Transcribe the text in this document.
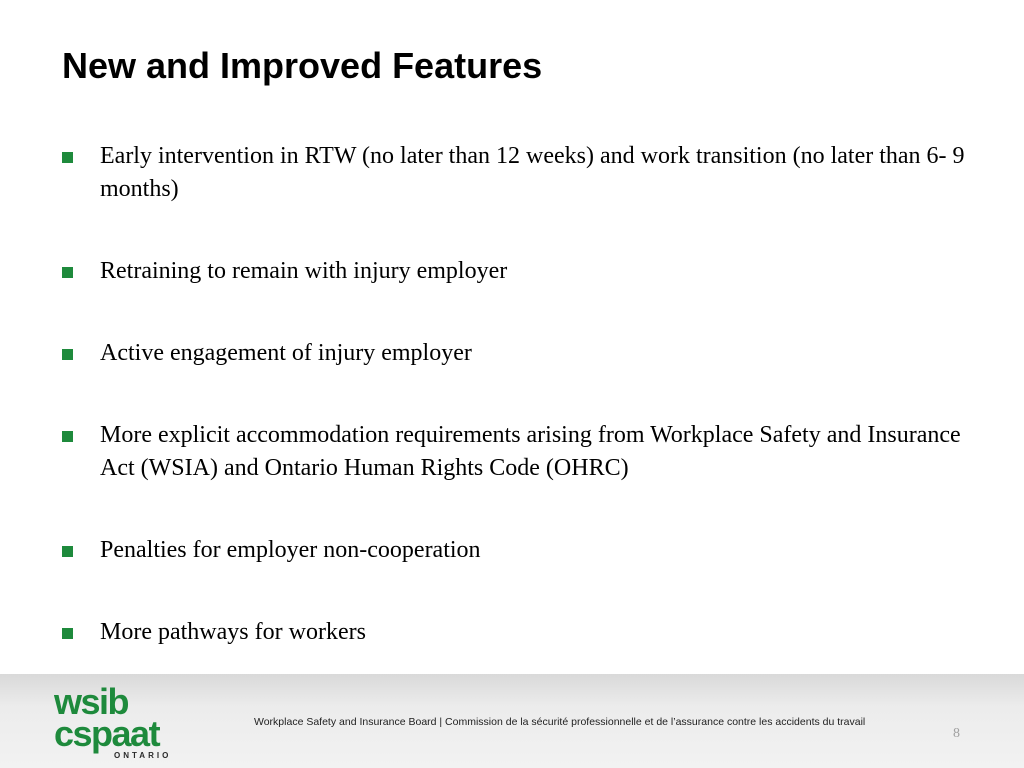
New and Improved Features
Early intervention in RTW (no later than 12 weeks) and work transition (no later than 6- 9 months)
Retraining to remain with injury employer
Active engagement of injury employer
More explicit accommodation requirements arising from Workplace Safety and Insurance Act (WSIA) and Ontario Human Rights Code (OHRC)
Penalties for employer non-cooperation
More pathways for workers
wsib
cspaat
ONTARIO
Workplace Safety and Insurance Board | Commission de la sécurité professionnelle et de l’assurance contre les accidents du travail
8
